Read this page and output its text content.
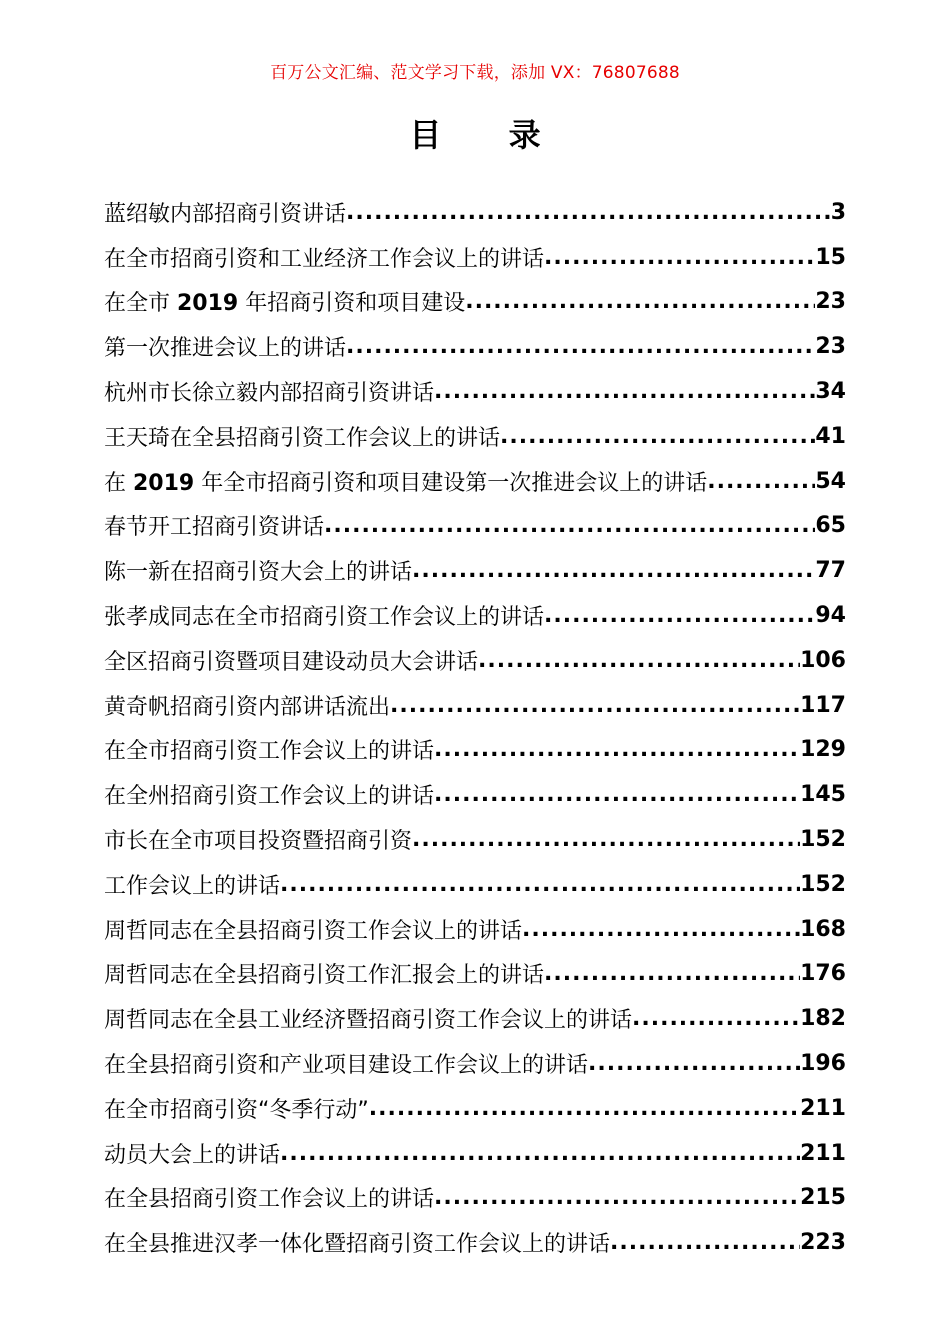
百万公文汇编、范文学习下载，添加 VX：76807688
目 录
蓝绍敏内部招商引资讲话 .....	3
在全市招商引资和工业经济工作会议上的讲话 .....	15
在全市 2019 年招商引资和项目建设 .....	23
第一次推进会议上的讲话 .....	23
杭州市长徐立毅内部招商引资讲话 .....	34
王天琦在全县招商引资工作会议上的讲话 .....	41
在 2019 年全市招商引资和项目建设第一次推进会议上的讲话 .....	54
春节开工招商引资讲话 .....	65
陈一新在招商引资大会上的讲话 .....	77
张孝成同志在全市招商引资工作会议上的讲话 .....	94
全区招商引资暨项目建设动员大会讲话 .....	106
黄奇帆招商引资内部讲话流出 .....	117
在全市招商引资工作会议上的讲话 .....	129
在全州招商引资工作会议上的讲话 .....	145
市长在全市项目投资暨招商引资 .....	152
工作会议上的讲话 .....	152
周哲同志在全县招商引资工作会议上的讲话 .....	168
周哲同志在全县招商引资工作汇报会上的讲话 .....	176
周哲同志在全县工业经济暨招商引资工作会议上的讲话 .....	182
在全县招商引资和产业项目建设工作会议上的讲话 .....	196
在全市招商引资“冬季行动” .....	211
动员大会上的讲话 .....	211
在全县招商引资工作会议上的讲话 .....	215
在全县推进汉孝一体化暨招商引资工作会议上的讲话 .....	223
